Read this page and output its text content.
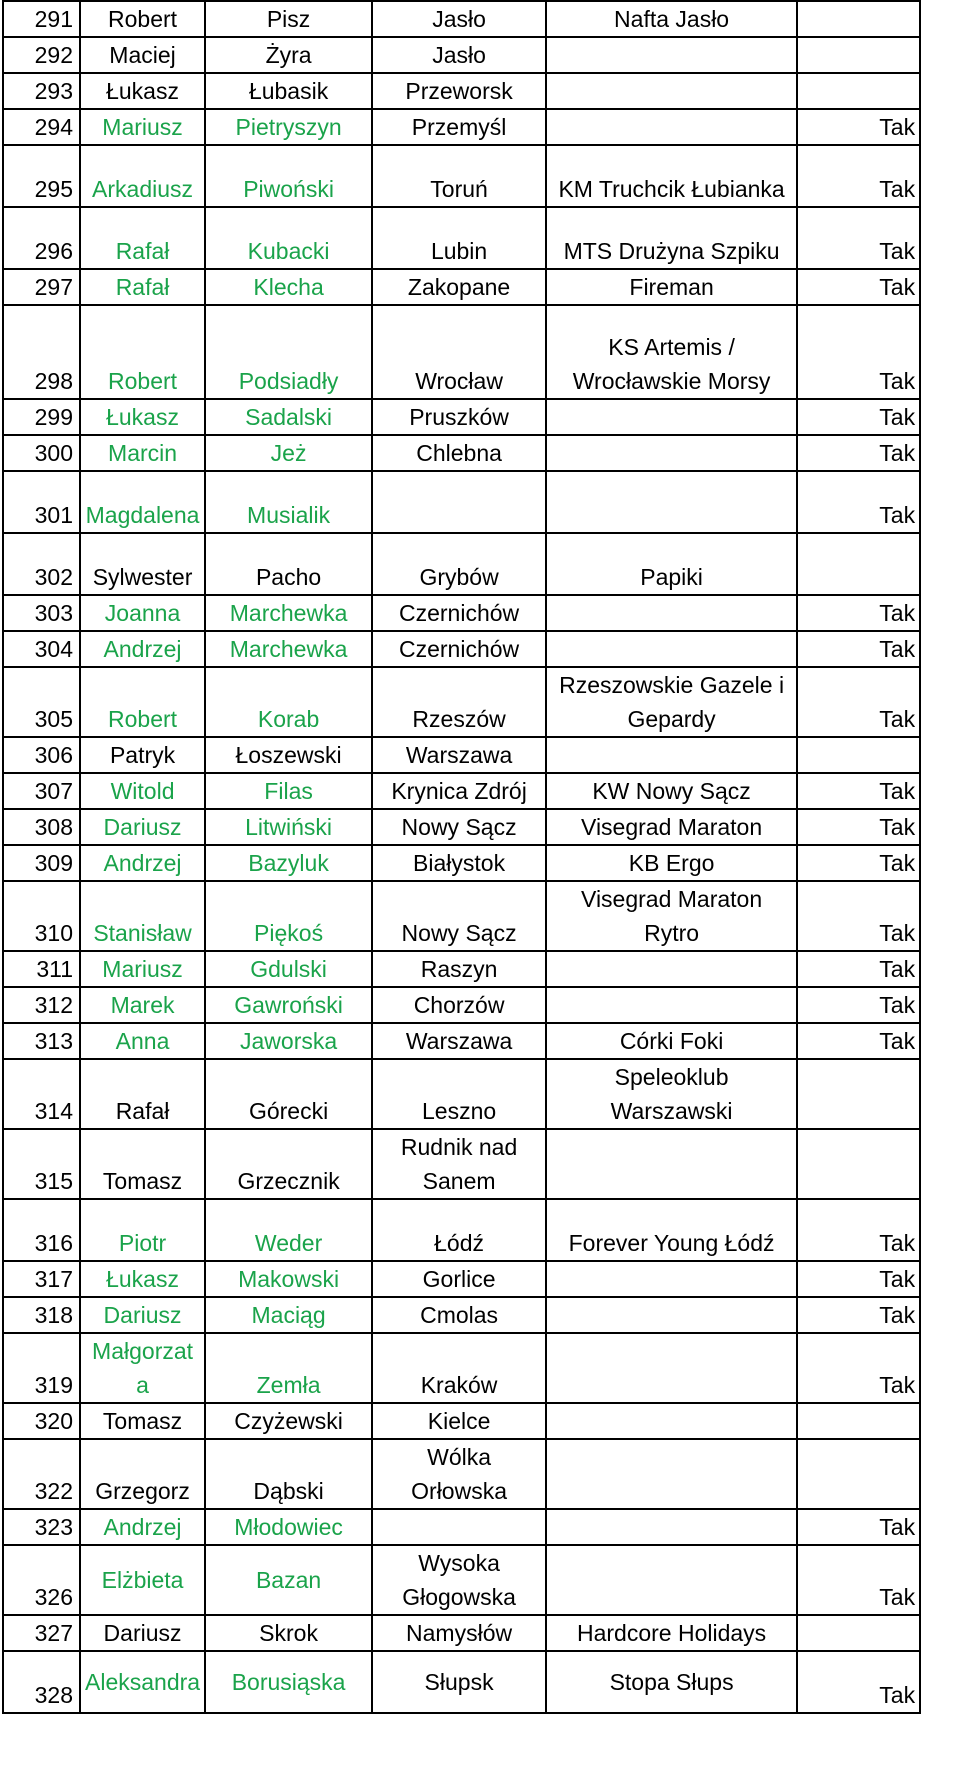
291	Robert	Pisz	Jasło	Nafta Jasło	
292	Maciej	Żyra	Jasło		
293	Łukasz	Łubasik	Przeworsk		
294	Mariusz	Pietryszyn	Przemyśl		Tak
295	Arkadiusz	Piwoński	Toruń	KM Truchcik Łubianka	Tak
296	Rafał	Kubacki	Lubin	MTS Drużyna Szpiku	Tak
297	Rafał	Klecha	Zakopane	Fireman	Tak
298	Robert	Podsiadły	Wrocław	KS Artemis /
Wrocławskie Morsy	Tak
299	Łukasz	Sadalski	Pruszków		Tak
300	Marcin	Jeż	Chlebna		Tak
301	Magdalena	Musialik			Tak
302	Sylwester	Pacho	Grybów	Papiki	
303	Joanna	Marchewka	Czernichów		Tak
304	Andrzej	Marchewka	Czernichów		Tak
305	Robert	Korab	Rzeszów	Rzeszowskie Gazele i
Gepardy	Tak
306	Patryk	Łoszewski	Warszawa		
307	Witold	Filas	Krynica Zdrój	KW Nowy Sącz	Tak
308	Dariusz	Litwiński	Nowy Sącz	Visegrad Maraton	Tak
309	Andrzej	Bazyluk	Białystok	KB Ergo	Tak
310	Stanisław	Piękoś	Nowy Sącz	Visegrad Maraton
Rytro	Tak
311	Mariusz	Gdulski	Raszyn		Tak
312	Marek	Gawroński	Chorzów		Tak
313	Anna	Jaworska	Warszawa	Córki Foki	Tak
314	Rafał	Górecki	Leszno	Speleoklub
Warszawski	
315	Tomasz	Grzecznik	Rudnik nad
Sanem		
316	Piotr	Weder	Łódź	Forever Young Łódź	Tak
317	Łukasz	Makowski	Gorlice		Tak
318	Dariusz	Maciąg	Cmolas		Tak
319	Małgorzat
a	Zemła	Kraków		Tak
320	Tomasz	Czyżewski	Kielce		
322	Grzegorz	Dąbski	Wólka
Orłowska		
323	Andrzej	Młodowiec			Tak
326	Elżbieta	Bazan	Wysoka
Głogowska		Tak
327	Dariusz	Skrok	Namysłów	Hardcore Holidays	
328	Aleksandra	Borusiąska	Słupsk	Stopa Słups	Tak
